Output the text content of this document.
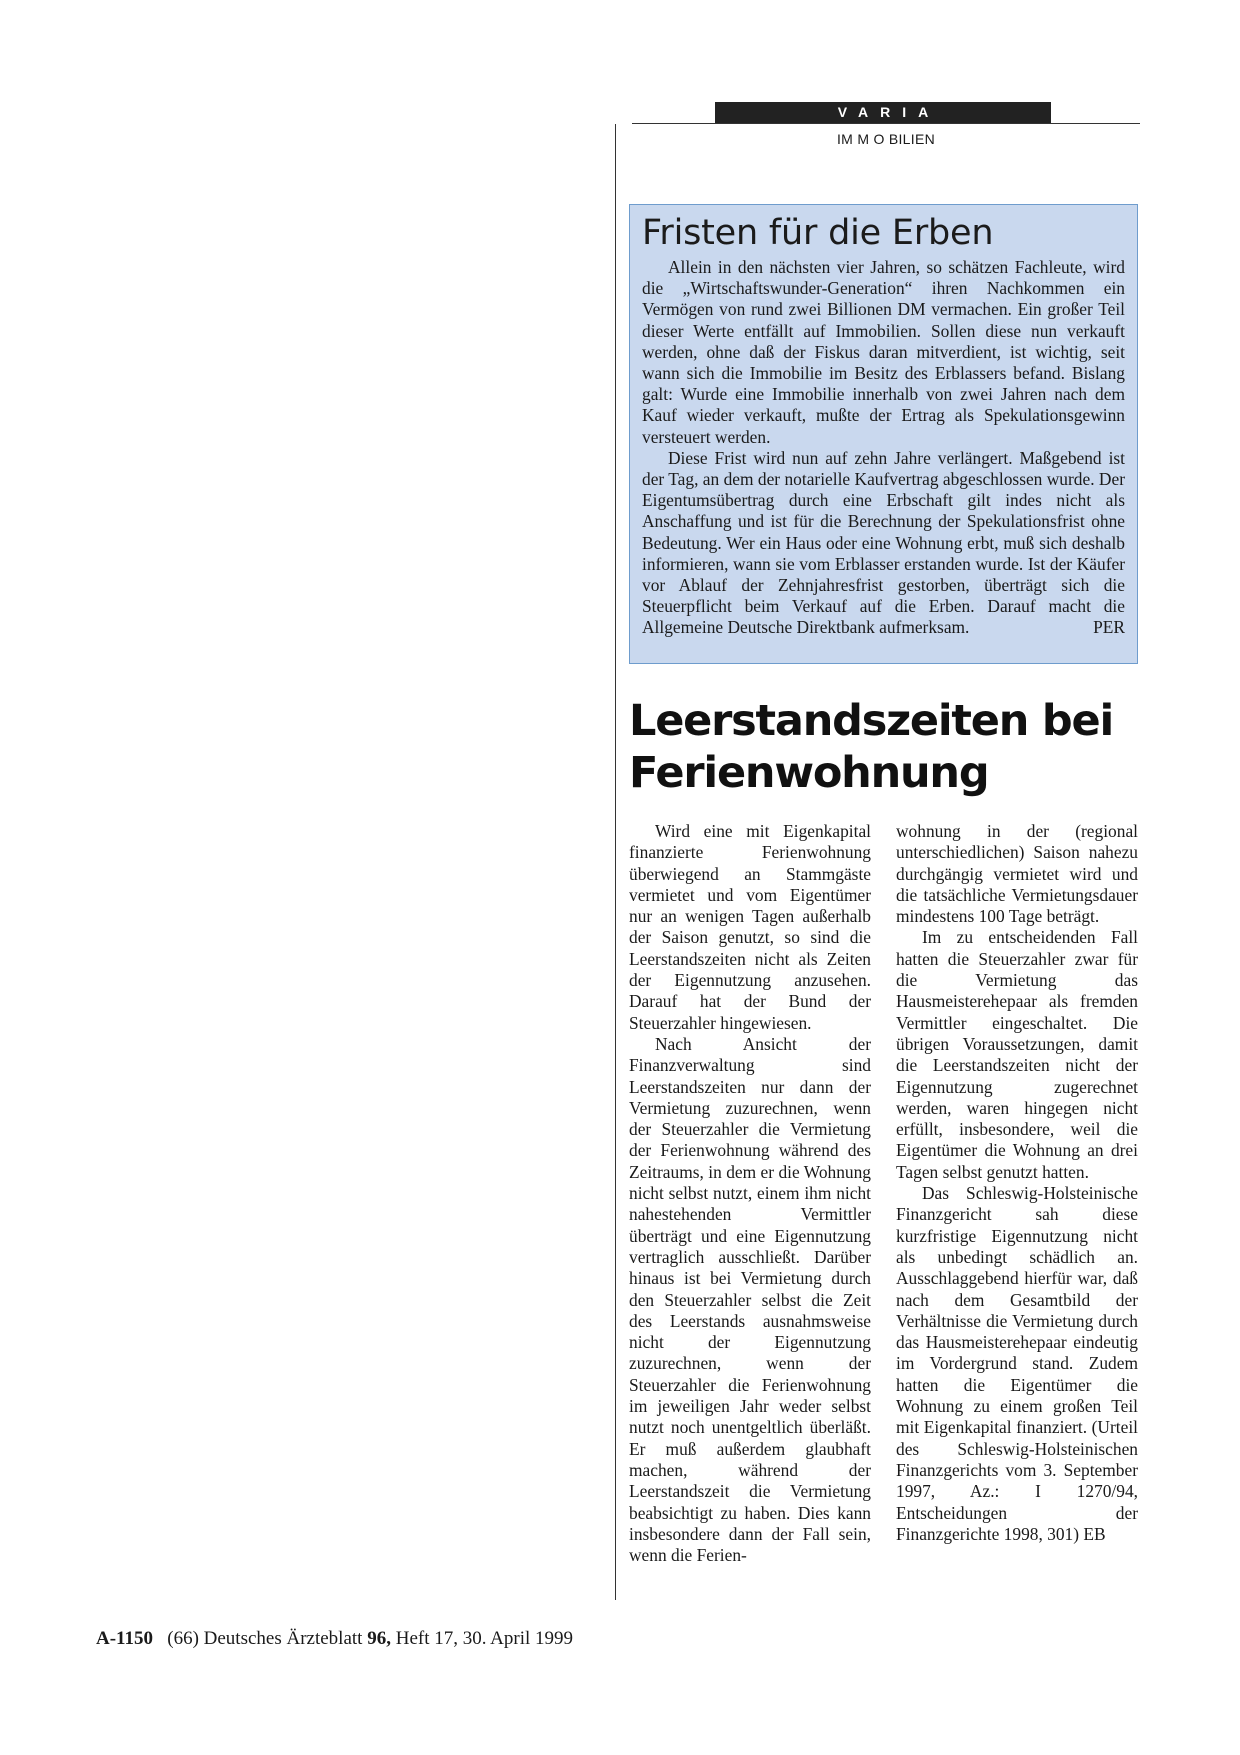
VARIA
IM M O BILIEN
Fristen für die Erben

Allein in den nächsten vier Jahren, so schätzen Fachleute, wird die „Wirtschaftswunder-Generation“ ihren Nachkommen ein Vermögen von rund zwei Billionen DM vermachen. Ein großer Teil dieser Werte entfällt auf Immobilien. Sollen diese nun verkauft werden, ohne daß der Fiskus daran mitverdient, ist wichtig, seit wann sich die Immobilie im Besitz des Erblassers befand. Bislang galt: Wurde eine Immobilie innerhalb von zwei Jahren nach dem Kauf wieder verkauft, mußte der Ertrag als Spekulationsgewinn versteuert werden.

Diese Frist wird nun auf zehn Jahre verlängert. Maßgebend ist der Tag, an dem der notarielle Kaufvertrag abgeschlossen wurde. Der Eigentumsübertrag durch eine Erbschaft gilt indes nicht als Anschaffung und ist für die Berechnung der Spekulationsfrist ohne Bedeutung. Wer ein Haus oder eine Wohnung erbt, muß sich deshalb informieren, wann sie vom Erblasser erstanden wurde. Ist der Käufer vor Ablauf der Zehnjahresfrist gestorben, überträgt sich die Steuerpflicht beim Verkauf auf die Erben. Darauf macht die Allgemeine Deutsche Direktbank aufmerksam.	PER

Leerstandszeiten bei Ferienwohnung

Wird eine mit Eigenkapital finanzierte Ferienwohnung überwiegend an Stammgäste vermietet und vom Eigentümer nur an wenigen Tagen außerhalb der Saison genutzt, so sind die Leerstandszeiten nicht als Zeiten der Eigennutzung anzusehen. Darauf hat der Bund der Steuerzahler hingewiesen.

Nach Ansicht der Finanzverwaltung sind Leerstandszeiten nur dann der Vermietung zuzurechnen, wenn der Steuerzahler die Vermietung der Ferienwohnung während des Zeitraums, in dem er die Wohnung nicht selbst nutzt, einem ihm nicht nahestehenden Vermittler überträgt und eine Eigennutzung vertraglich ausschließt. Darüber hinaus ist bei Vermietung durch den Steuerzahler selbst die Zeit des Leerstands ausnahmsweise nicht der Eigennutzung zuzurechnen, wenn der Steuerzahler die Ferienwohnung im jeweiligen Jahr weder selbst nutzt noch unentgeltlich überläßt. Er muß außerdem glaubhaft machen, während der Leerstandszeit die Vermietung beabsichtigt zu haben. Dies kann insbesondere dann der Fall sein, wenn die Ferien-

wohnung in der (regional unterschiedlichen) Saison nahezu durchgängig vermietet wird und die tatsächliche Vermietungsdauer mindestens 100 Tage beträgt.

Im zu entscheidenden Fall hatten die Steuerzahler zwar für die Vermietung das Hausmeisterehepaar als fremden Vermittler eingeschaltet. Die übrigen Voraussetzungen, damit die Leerstandszeiten nicht der Eigennutzung zugerechnet werden, waren hingegen nicht erfüllt, insbesondere, weil die Eigentümer die Wohnung an drei Tagen selbst genutzt hatten.

Das Schleswig-Holsteinische Finanzgericht sah diese kurzfristige Eigennutzung nicht als unbedingt schädlich an. Ausschlaggebend hierfür war, daß nach dem Gesamtbild der Verhältnisse die Vermietung durch das Hausmeisterehepaar eindeutig im Vordergrund stand. Zudem hatten die Eigentümer die Wohnung zu einem großen Teil mit Eigenkapital finanziert. (Urteil des Schleswig-Holsteinischen Finanzgerichts vom 3. September 1997, Az.: I 1270/94, Entscheidungen der Finanzgerichte 1998, 301) EB

A-1150 (66) Deutsches Ärzteblatt 96, Heft 17, 30. April 1999
